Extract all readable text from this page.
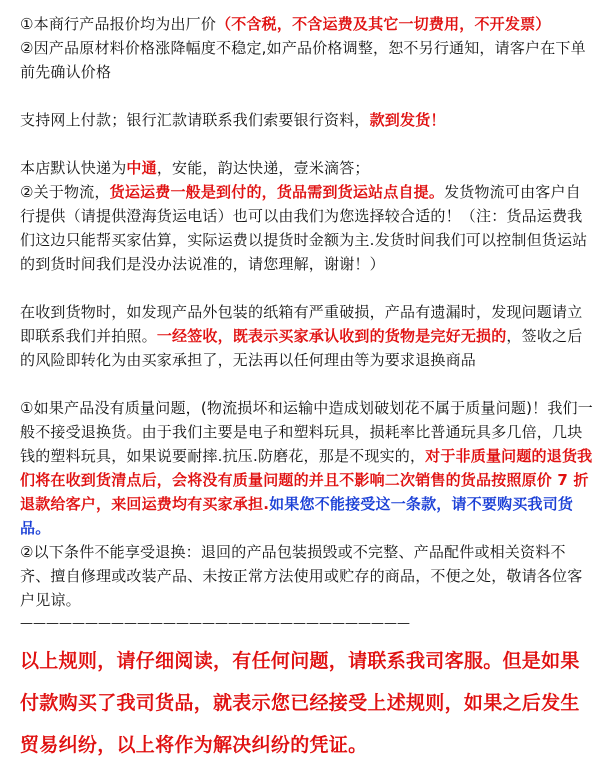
①本商行产品报价均为出厂价（不含税，不含运费及其它一切费用，不开发票）

②因产品原材料价格涨降幅度不稳定,如产品价格调整，恕不另行通知，请客户在下单前先确认价格

支持网上付款；银行汇款请联系我们索要银行资料，款到发货！

本店默认快递为中通，安能，韵达快递，壹米滴答；

②关于物流，货运运费一般是到付的，货品需到货运站点自提。发货物流可由客户自行提供（请提供澄海货运电话）也可以由我们为您选择较合适的！（注：货品运费我们这边只能帮买家估算，实际运费以提货时金额为主.发货时间我们可以控制但货运站的到货时间我们是没办法说准的，请您理解，谢谢！）

在收到货物时，如发现产品外包装的纸箱有严重破损，产品有遗漏时，发现问题请立即联系我们并拍照。一经签收，既表示买家承认收到的货物是完好无损的，签收之后的风险即转化为由买家承担了，无法再以任何理由等为要求退换商品

①如果产品没有质量问题，(物流损坏和运输中造成划破划花不属于质量问题)！我们一般不接受退换货。由于我们主要是电子和塑料玩具，损耗率比普通玩具多几倍，几块钱的塑料玩具，如果说要耐摔.抗压.防磨花，那是不现实的，对于非质量问题的退货我们将在收到货清点后，会将没有质量问题的并且不影响二次销售的货品按照原价 7 折退款给客户，来回运费均有买家承担.如果您不能接受这一条款，请不要购买我司货品。

②以下条件不能享受退换：退回的产品包装损毁或不完整、产品配件或相关资料不齐、擅自修理或改装产品、未按正常方法使用或贮存的商品，不便之处，敬请各位客户见谅。

——————————————————————————————

以上规则，请仔细阅读，有任何问题，请联系我司客服。但是如果付款购买了我司货品，就表示您已经接受上述规则，如果之后发生贸易纠纷，以上将作为解决纠纷的凭证。
